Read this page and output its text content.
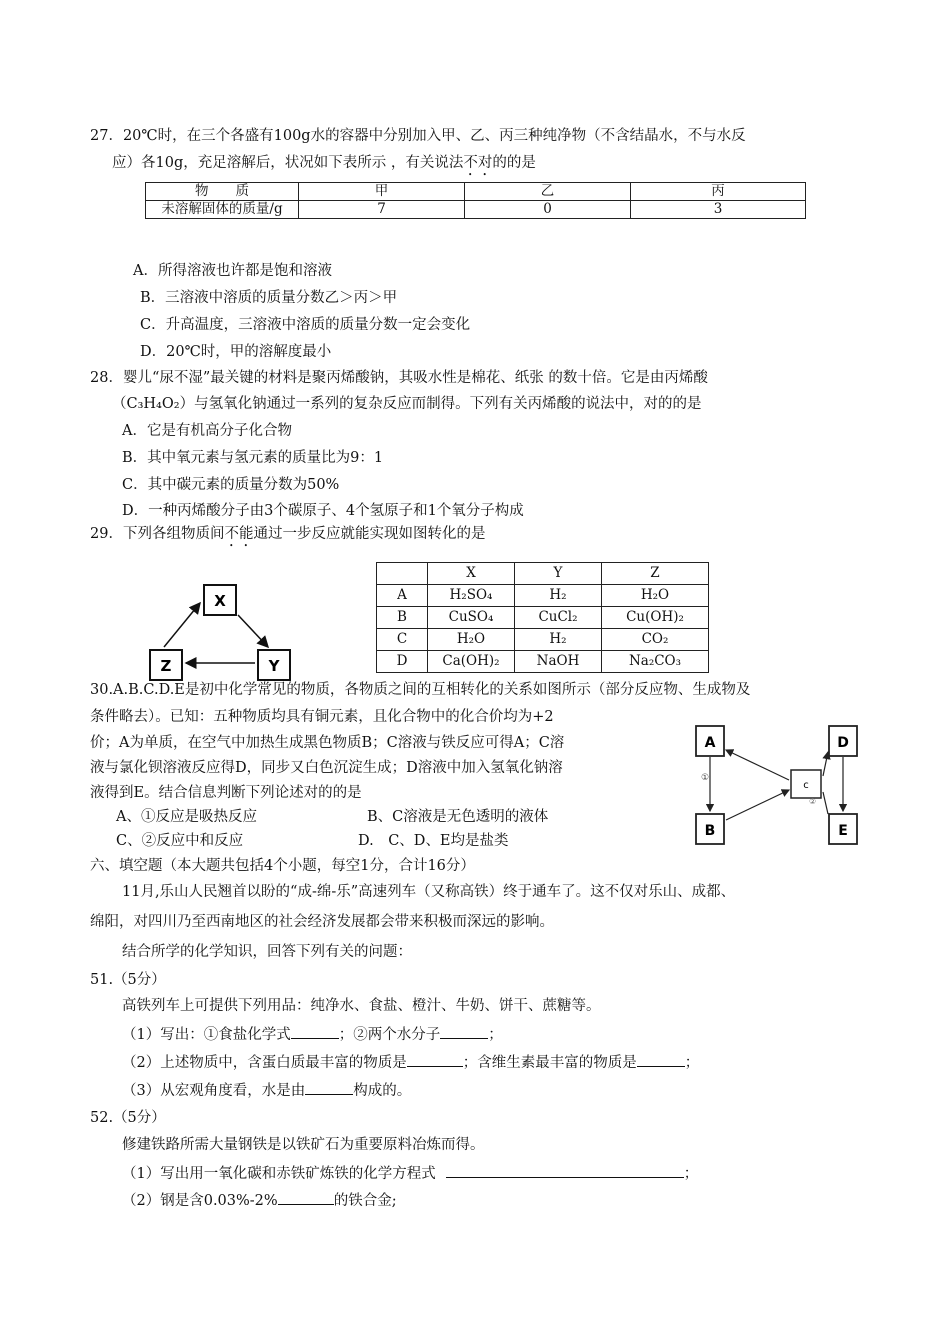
27．20℃时，在三个各盛有100g水的容器中分别加入甲、乙、丙三种纯净物（不含结晶水，不与水反
应）各10g，充足溶解后，状况如下表所示 ，有关说法不对的的是
物　　质	甲	乙	丙
未溶解固体的质量/g	7	0	3
A．所得溶液也许都是饱和溶液
B．三溶液中溶质的质量分数乙＞丙＞甲
C．升高温度，三溶液中溶质的质量分数一定会变化
D．20℃时，甲的溶解度最小
28．婴儿“尿不湿”最关键的材料是聚丙烯酸钠，其吸水性是棉花、纸张 的数十倍。它是由丙烯酸
（C₃H₄O₂）与氢氧化钠通过一系列的复杂反应而制得。下列有关丙烯酸的说法中，对的的是
A．它是有机高分子化合物
B．其中氧元素与氢元素的质量比为9：1
C．其中碳元素的质量分数为50%
D．一种丙烯酸分子由3个碳原子、4个氢原子和1个氧分子构成
29．下列各组物质间不能通过一步反应就能实现如图转化的是
X
Z	Y
	X	Y	Z
A	H₂SO₄	H₂	H₂O
B	CuSO₄	CuCl₂	Cu(OH)₂
C	H₂O	H₂	CO₂
D	Ca(OH)₂	NaOH	Na₂CO₃
30.A.B.C.D.E是初中化学常见的物质，各物质之间的互相转化的关系如图所示（部分反应物、生成物及
条件略去）。已知：五种物质均具有铜元素，且化合物中的化合价均为+2
价；A为单质，在空气中加热生成黑色物质B；C溶液与铁反应可得A；C溶
液与氯化钡溶液反应得D，同步又白色沉淀生成；D溶液中加入氢氧化钠溶
液得到E。结合信息判断下列论述对的的是
A、①反应是吸热反应	B、C溶液是无色透明的液体
C、②反应中和反应	D.　C、D、E均是盐类
A
B
c
D
E
①
②
六、填空题（本大题共包括4个小题，每空1分，合计16分）
11月,乐山人民翘首以盼的“成-绵-乐”高速列车（又称高铁）终于通车了。这不仅对乐山、成都、
绵阳，对四川乃至西南地区的社会经济发展都会带来积极而深远的影响。
结合所学的化学知识，回答下列有关的问题：
51.（5分）
高铁列车上可提供下列用品：纯净水、食盐、橙汁、牛奶、饼干、蔗糖等。
（1）写出：①食盐化学式	；②两个水分子	；
（2）上述物质中，含蛋白质最丰富的物质是	；含维生素最丰富的物质是	；
（3）从宏观角度看，水是由	构成的。
52.（5分）
修建铁路所需大量钢铁是以铁矿石为重要原料冶炼而得。
（1）写出用一氧化碳和赤铁矿炼铁的化学方程式	；
（2）钢是含0.03%-2%	的铁合金;
